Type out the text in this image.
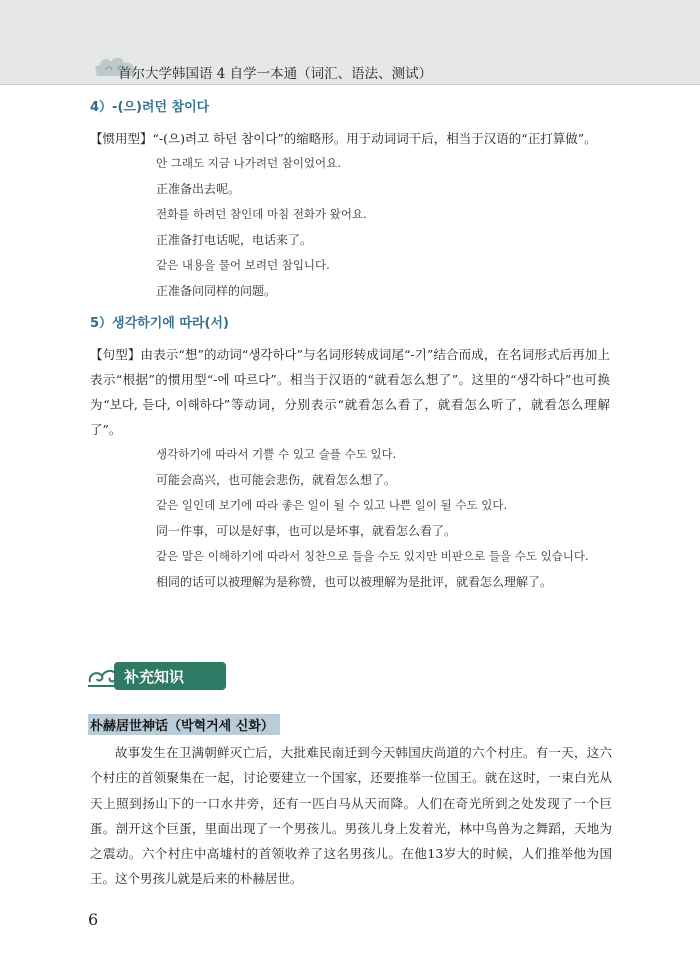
首尔大学韩国语 4 自学一本通（词汇、语法、测试）
4）-(으)려던 참이다

【惯用型】“-(으)려고 하던 참이다”的缩略形。用于动词词干后，相当于汉语的“正打算做”。

안 그래도 지금 나가려던 참이었어요.
正准备出去呢。
전화를 하려던 참인데 마침 전화가 왔어요.
正准备打电话呢，电话来了。
같은 내용을 물어 보려던 참입니다.
正准备问同样的问题。
5）생각하기에 따라(서)

【句型】由表示“想”的动词“생각하다”与名词形转成词尾“-기”结合而成，在名词形式后再加上表示“根据”的惯用型“-에 따르다”。相当于汉语的“就看怎么想了”。这里的“생각하다”也可换为“보다, 듣다, 이해하다”等动词，分别表示“就看怎么看了，就看怎么听了，就看怎么理解了”。

생각하기에 따라서 기쁠 수 있고 슬플 수도 있다.
可能会高兴，也可能会悲伤，就看怎么想了。
같은 일인데 보기에 따라 좋은 일이 될 수 있고 나쁜 일이 될 수도 있다.
同一件事，可以是好事，也可以是坏事，就看怎么看了。
같은 말은 이해하기에 따라서 칭찬으로 들을 수도 있지만 비판으로 들을 수도 있습니다.
相同的话可以被理解为是称赞，也可以被理解为是批评，就看怎么理解了。
补充知识
朴赫居世神话（박혁거세 신화）

故事发生在卫满朝鲜灭亡后，大批难民南迁到今天韩国庆尚道的六个村庄。有一天，这六个村庄的首领聚集在一起，讨论要建立一个国家，还要推举一位国王。就在这时，一束白光从天上照到扬山下的一口水井旁，还有一匹白马从天而降。人们在奇光所到之处发现了一个巨蛋。剖开这个巨蛋，里面出现了一个男孩儿。男孩儿身上发着光，林中鸟兽为之舞蹈，天地为之震动。六个村庄中高墟村的首领收养了这名男孩儿。在他13岁大的时候，人们推举他为国王。这个男孩儿就是后来的朴赫居世。

6
